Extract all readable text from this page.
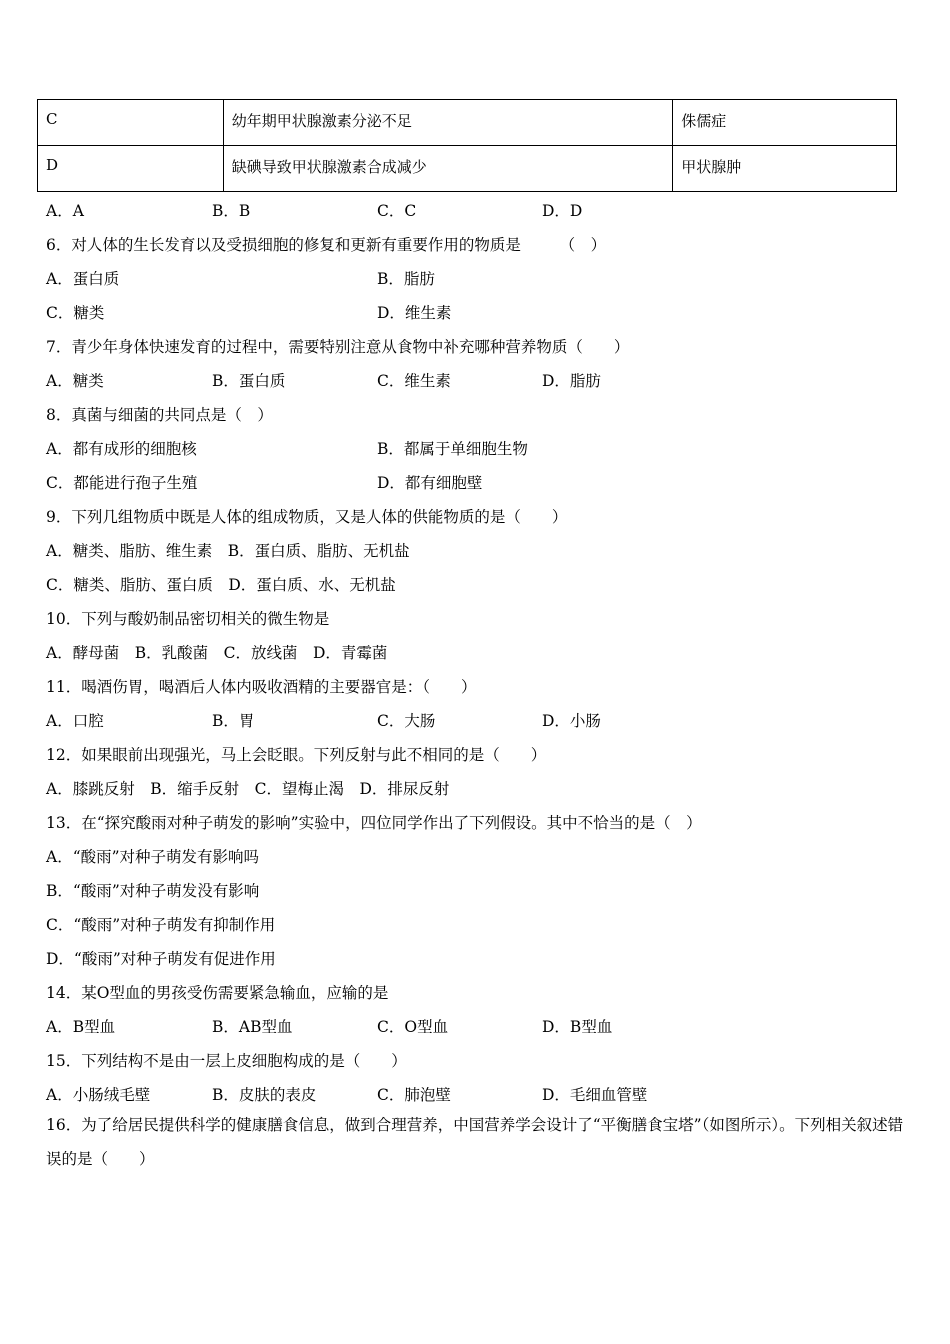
C	幼年期甲状腺激素分泌不足	侏儒症
D	缺碘导致甲状腺激素合成减少	甲状腺肿
A．A	B．B	C．C	D．D
6．对人体的生长发育以及受损细胞的修复和更新有重要作用的物质是　　　（　）
A．蛋白质	B．脂肪
C．糖类	D．维生素
7．青少年身体快速发育的过程中，需要特别注意从食物中补充哪种营养物质（　　）
A．糖类	B．蛋白质	C．维生素	D．脂肪
8．真菌与细菌的共同点是（　）
A．都有成形的细胞核	B．都属于单细胞生物
C．都能进行孢子生殖	D．都有细胞壁
9．下列几组物质中既是人体的组成物质，又是人体的供能物质的是（　　）
A．糖类、脂肪、维生素　B．蛋白质、脂肪、无机盐
C．糖类、脂肪、蛋白质　D．蛋白质、水、无机盐
10．下列与酸奶制品密切相关的微生物是
A．酵母菌　B．乳酸菌　C．放线菌　D．青霉菌
11．喝酒伤胃，喝酒后人体内吸收酒精的主要器官是：（　　）
A．口腔	B．胃	C．大肠	D．小肠
12．如果眼前出现强光，马上会眨眼。下列反射与此不相同的是（　　）
A．膝跳反射　B．缩手反射　C．望梅止渴　D．排尿反射
13．在“探究酸雨对种子萌发的影响”实验中，四位同学作出了下列假设。其中不恰当的是（　）
A．“酸雨”对种子萌发有影响吗
B．“酸雨”对种子萌发没有影响
C．“酸雨”对种子萌发有抑制作用
D．“酸雨”对种子萌发有促进作用
14．某O型血的男孩受伤需要紧急输血，应输的是
A．B型血	B．AB型血	C．O型血	D．B型血
15．下列结构不是由一层上皮细胞构成的是（　　）
A．小肠绒毛壁	B．皮肤的表皮	C．肺泡壁	D．毛细血管壁
16．为了给居民提供科学的健康膳食信息，做到合理营养，中国营养学会设计了“平衡膳食宝塔”（如图所示）。下列相关叙述错误的是（　　）
